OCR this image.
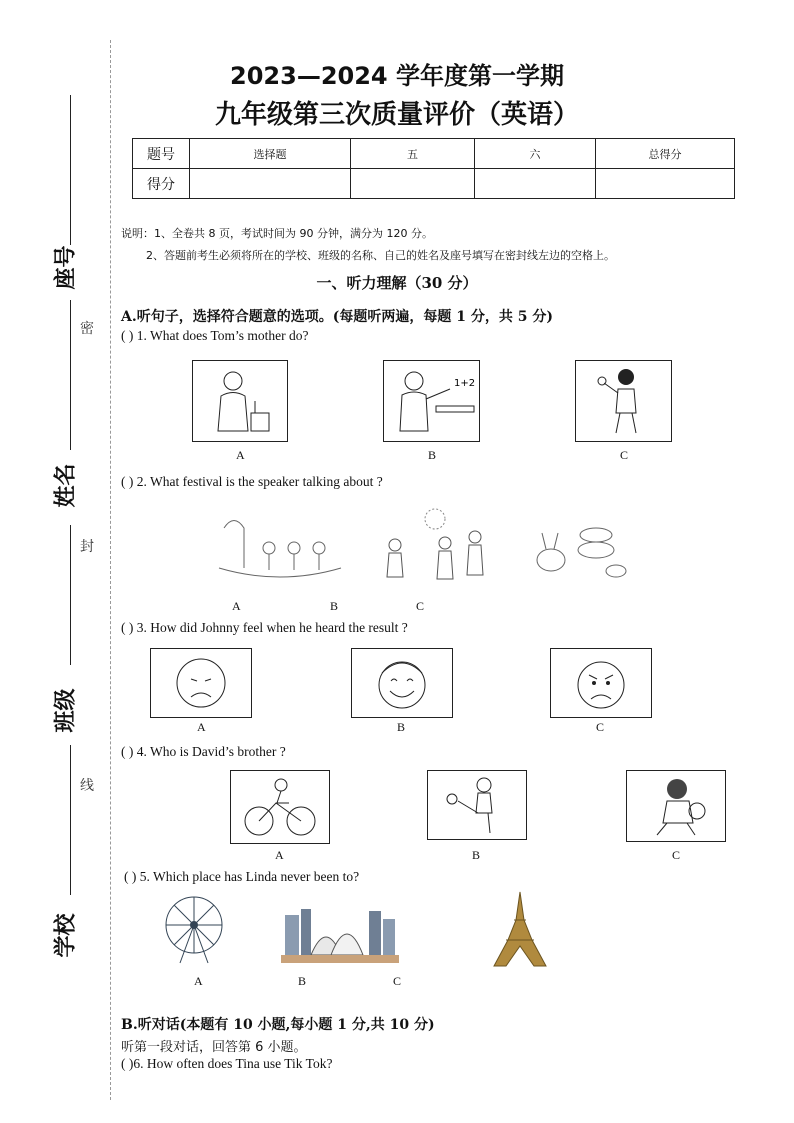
座号
密
姓名
封
班级
线
学校
2023—2024 学年度第一学期
九年级第三次质量评价（英语）
题号	选择题	五	六	总得分
得分				
说明：1、全卷共 8 页，考试时间为 90 分钟，满分为 120 分。
2、答题前考生必须将所在的学校、班级的名称、自己的姓名及座号填写在密封线左边的空格上。
一、听力理解（30 分）
A.听句子，选择符合题意的选项。(每题听两遍，每题 1 分，共 5 分)
( ) 1. What does Tom’s mother do?
1+2
A	B	C
( ) 2. What festival is the speaker talking about ?
A	B	C
( ) 3. How did Johnny feel when he heard the result ?
A	B	C
( ) 4. Who is David’s brother ?
A	B	C
( ) 5. Which place has Linda never been to?
A	B	C
B.听对话(本题有 10 小题,每小题 1 分,共 10 分)
听第一段对话，回答第 6 小题。
( )6. How often does Tina use Tik Tok?
